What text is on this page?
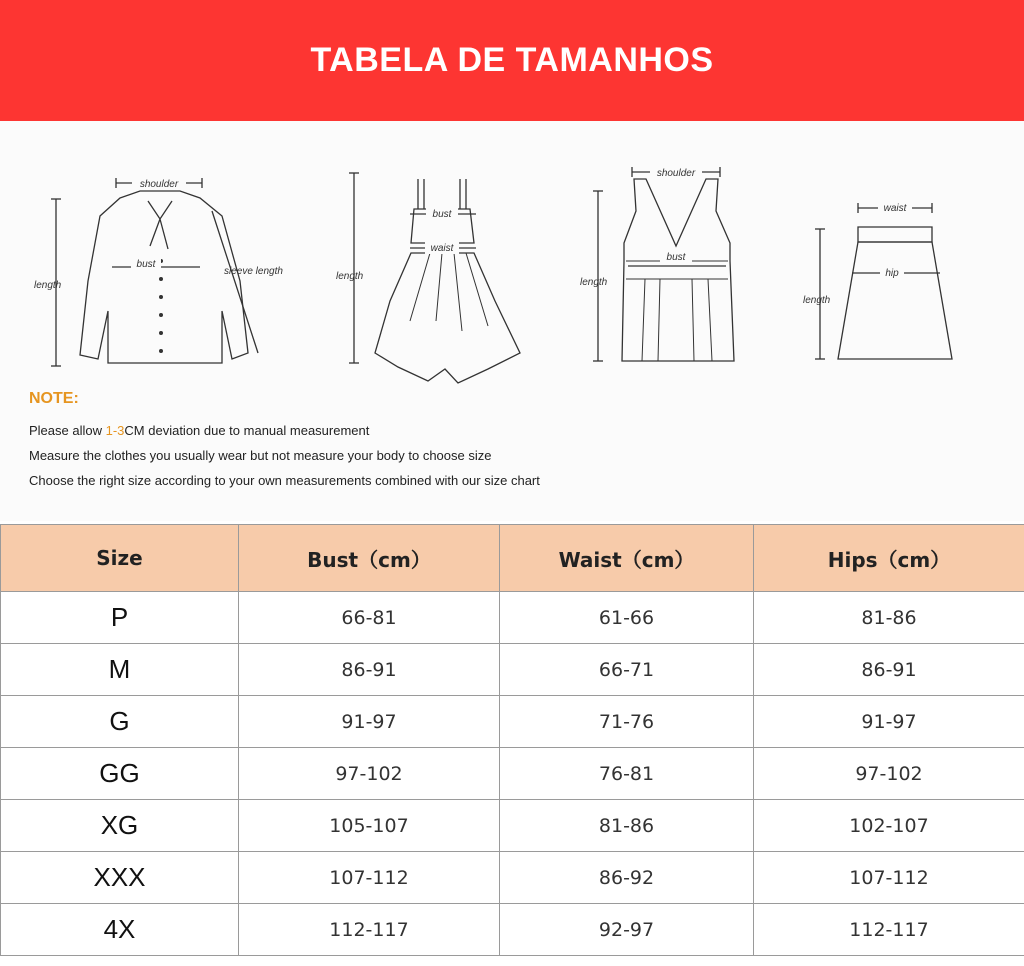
TABELA DE TAMANHOS
shoulder
bust
length
sleeve length
bust
waist
length
shoulder
bust
length
waist
hip
length
NOTE:
Please allow 1-3CM deviation due to manual measurement
Measure the clothes you usually wear but not measure your body to choose size
Choose the right size according to your own measurements combined with our size chart
Size	Bust（cm）	Waist（cm）	Hips（cm）
P	66-81	61-66	81-86
M	86-91	66-71	86-91
G	91-97	71-76	91-97
GG	97-102	76-81	97-102
XG	105-107	81-86	102-107
XXX	107-112	86-92	107-112
4X	112-117	92-97	112-117
